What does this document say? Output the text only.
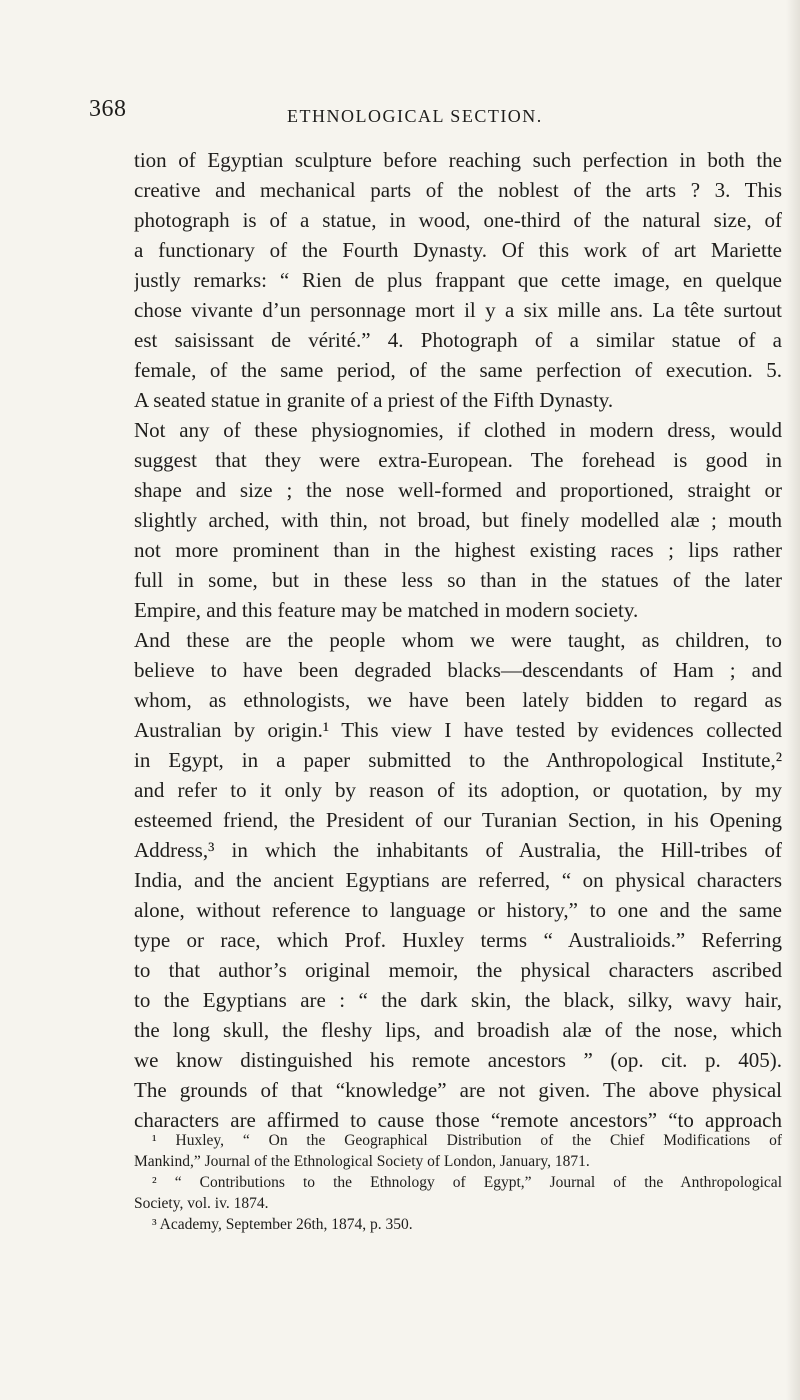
368	ETHNOLOGICAL SECTION.
tion of Egyptian sculpture before reaching such perfection in both the
creative and mechanical parts of the noblest of the arts ? 3. This
photograph is of a statue, in wood, one-third of the natural size, of
a functionary of the Fourth Dynasty. Of this work of art Mariette
justly remarks: “ Rien de plus frappant que cette image, en quelque
chose vivante d’un personnage mort il y a six mille ans. La tête surtout
est saisissant de vérité.” 4. Photograph of a similar statue of a
female, of the same period, of the same perfection of execution. 5.
A seated statue in granite of a priest of the Fifth Dynasty.
Not any of these physiognomies, if clothed in modern dress, would
suggest that they were extra-European. The forehead is good in
shape and size ; the nose well-formed and proportioned, straight or
slightly arched, with thin, not broad, but finely modelled alæ ; mouth
not more prominent than in the highest existing races ; lips rather
full in some, but in these less so than in the statues of the later
Empire, and this feature may be matched in modern society.
And these are the people whom we were taught, as children, to
believe to have been degraded blacks—descendants of Ham ; and
whom, as ethnologists, we have been lately bidden to regard as
Australian by origin.¹ This view I have tested by evidences collected
in Egypt, in a paper submitted to the Anthropological Institute,²
and refer to it only by reason of its adoption, or quotation, by my
esteemed friend, the President of our Turanian Section, in his Opening
Address,³ in which the inhabitants of Australia, the Hill-tribes of
India, and the ancient Egyptians are referred, “ on physical characters
alone, without reference to language or history,” to one and the same
type or race, which Prof. Huxley terms “ Australioids.” Referring
to that author’s original memoir, the physical characters ascribed
to the Egyptians are : “ the dark skin, the black, silky, wavy hair,
the long skull, the fleshy lips, and broadish alæ of the nose, which
we know distinguished his remote ancestors ” (op. cit. p. 405).
The grounds of that “knowledge” are not given. The above physical
characters are affirmed to cause those “remote ancestors” “to approach
¹ Huxley, “ On the Geographical Distribution of the Chief Modifications of
Mankind,” Journal of the Ethnological Society of London, January, 1871.
² “ Contributions to the Ethnology of Egypt,” Journal of the Anthropological
Society, vol. iv. 1874.
³ Academy, September 26th, 1874, p. 350.
